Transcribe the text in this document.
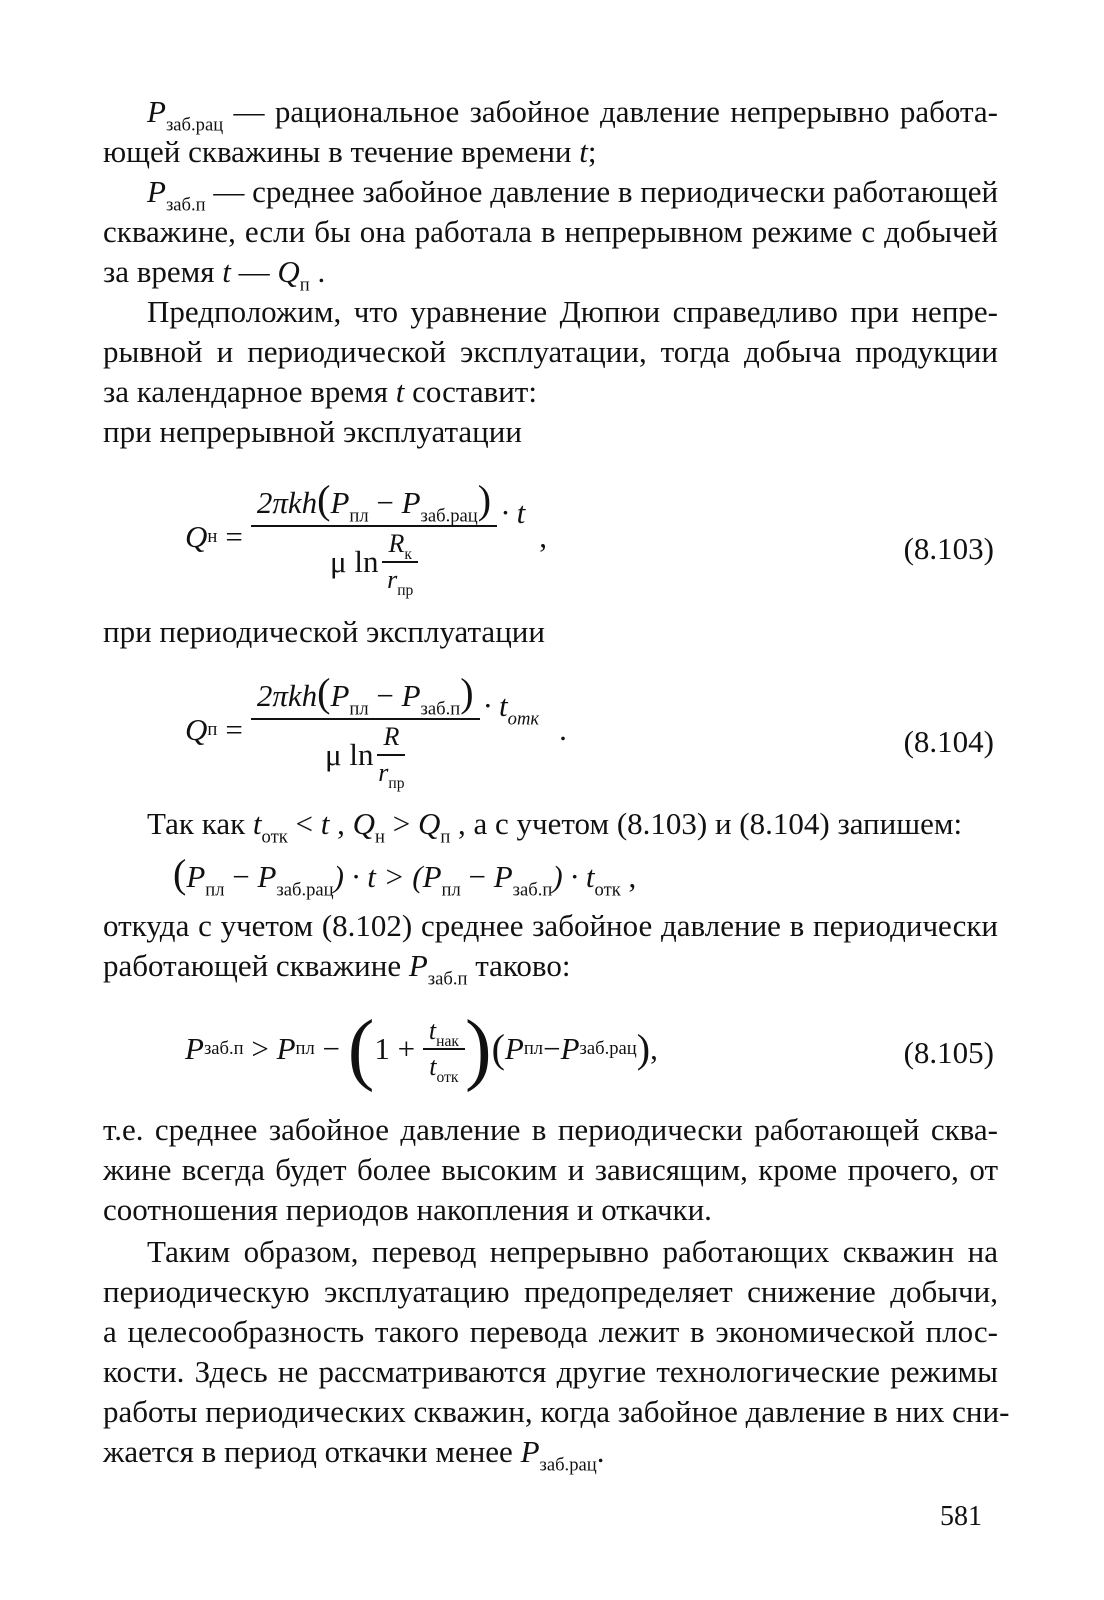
$P_{заб.рац}$ — рациональное забойное давление непрерывно работа-
ющей скважины в течение времени t;

$P_{заб.п}$ — среднее забойное давление в периодически работающей
скважине, если бы она работала в непрерывном режиме с добычей
за время t — $Q_п$ .

Предположим, что уравнение Дюпюи справедливо при непре-
рывной и периодической эксплуатации, тогда добыча продукции
за календарное время t составит:
при непрерывной эксплуатации

Q $н = \frac{2\pi kh(P_{пл} - P_{заб.рац})}{\mu \ln \frac{R_к}{r_{пр}}} \cdot t$
,	(8.103)

при периодической эксплуатации

Q $п = \frac{2\pi kh(P_{пл} - P_{заб.п})}{\mu \ln \frac{R}{r_{пр}}} \cdot t_{отк}$ .	(8.104)

Так как $t_{отк} < t$ , $Q_н > Q_п$ , а с учетом (8.103) и (8.104) запишем:

$(P_{пл} - P_{заб.рац}) \cdot t > (P_{пл} - P_{заб.п}) \cdot t_{отк}$ ,

откуда с учетом (8.102) среднее забойное давление в периодически
работающей скважине $P_{заб.п}$ таково:

P заб.п > P пл − ( $1 + \frac{t_{нак}}{t_{отк}}$ ) ( P пл − P заб.рац ) ,	(8.105)

т.е. среднее забойное давление в периодически работающей сква-
жине всегда будет более высоким и зависящим, кроме прочего, от
соотношения периодов накопления и откачки.

Таким образом, перевод непрерывно работающих скважин на
периодическую эксплуатацию предопределяет снижение добычи,
а целесообразность такого перевода лежит в экономической плос-
кости. Здесь не рассматриваются другие технологические режимы
работы периодических скважин, когда забойное давление в них сни-
жается в период откачки менее $P_{заб.рац}$.

581
